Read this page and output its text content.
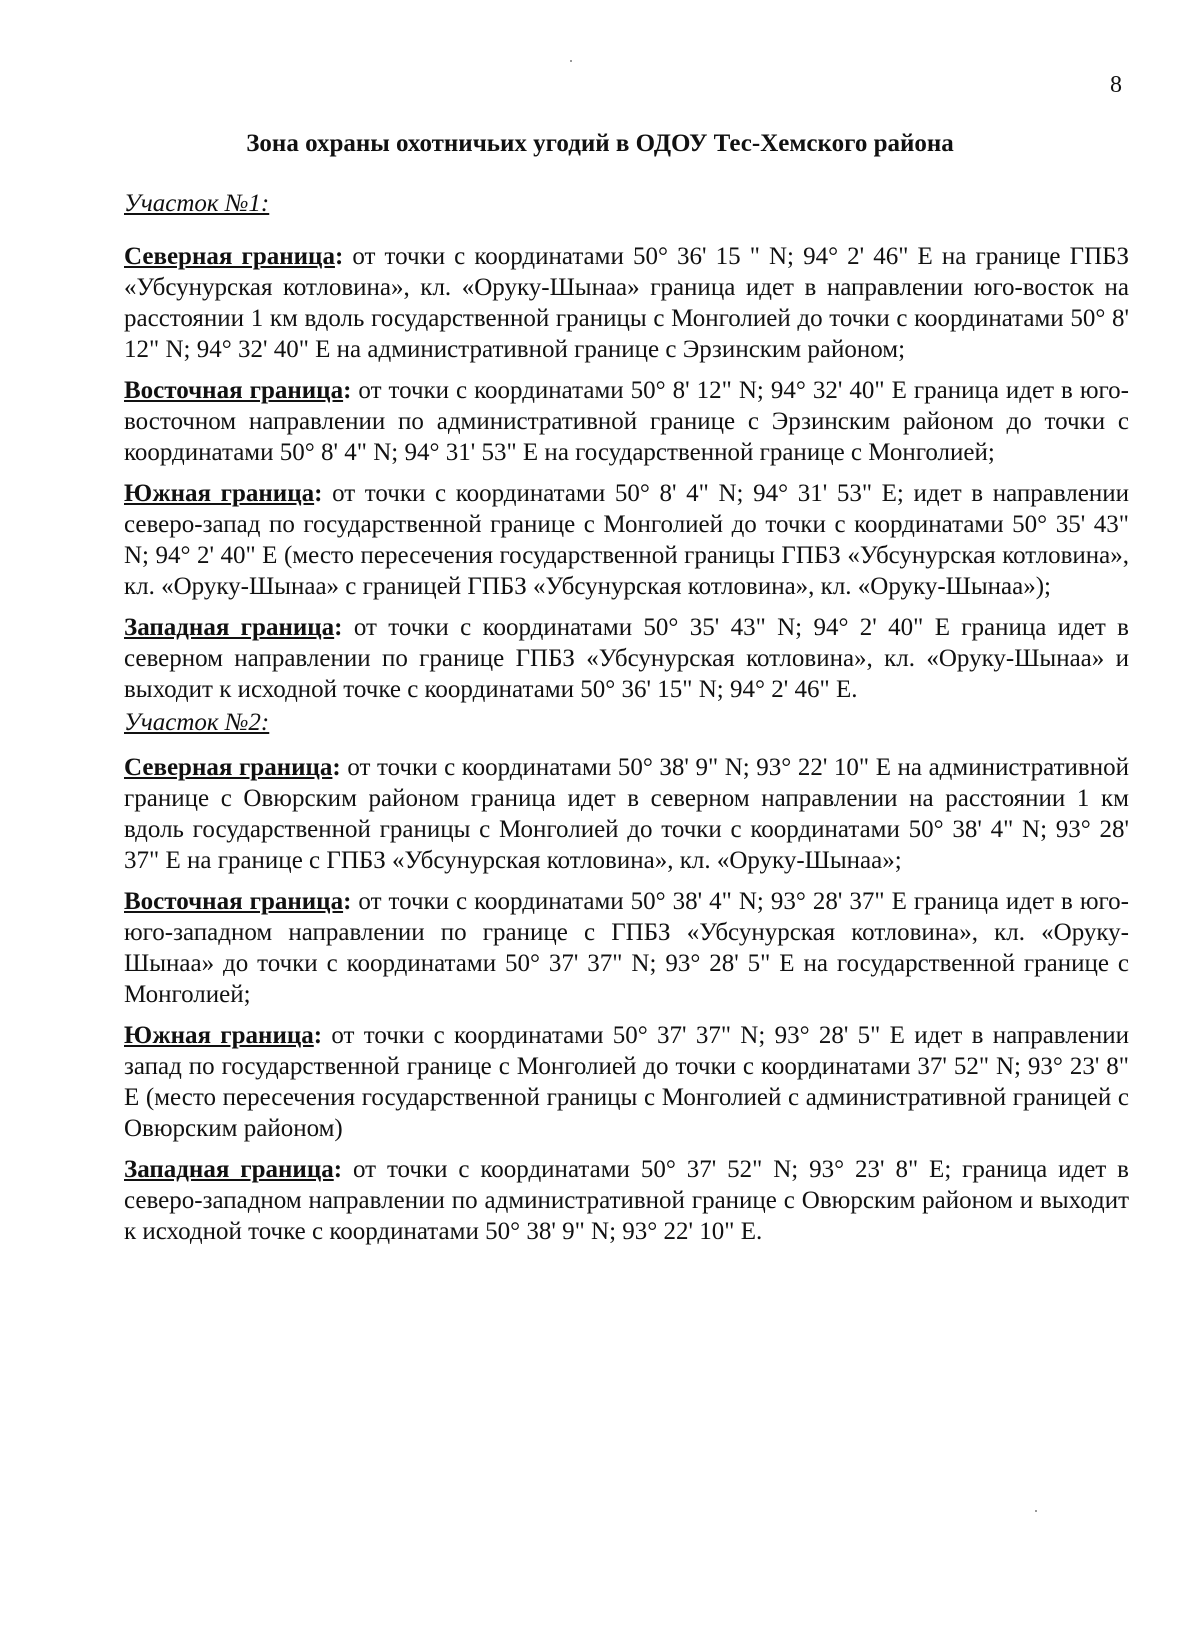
8
Зона охраны охотничьих угодий в ОДОУ Тес-Хемского района

Участок №1:

Северная граница: от точки с координатами 50° 36' 15 " N; 94° 2' 46" Е на границе ГПБЗ «Убсунурская котловина», кл. «Оруку-Шынаа» граница идет в направлении юго-восток на расстоянии 1 км вдоль государственной границы с Монголией до точки с координатами 50° 8' 12" N; 94° 32' 40" Е на административной границе с Эрзинским районом;

Восточная граница: от точки с координатами 50° 8' 12" N; 94° 32' 40" Е граница идет в юго-восточном направлении по административной границе с Эрзинским районом до точки с координатами 50° 8' 4" N; 94° 31' 53" Е на государственной границе с Монголией;

Южная граница: от точки с координатами 50° 8' 4" N; 94° 31' 53" Е; идет в направлении северо-запад по государственной границе с Монголией до точки с координатами 50° 35' 43" N; 94° 2' 40" Е (место пересечения государственной границы ГПБЗ «Убсунурская котловина», кл. «Оруку-Шынаа» с границей ГПБЗ «Убсунурская котловина», кл. «Оруку-Шынаа»);

Западная граница: от точки с координатами 50° 35' 43" N; 94° 2' 40" Е граница идет в северном направлении по границе ГПБЗ «Убсунурская котловина», кл. «Оруку-Шынаа» и выходит к исходной точке с координатами 50° 36' 15" N; 94° 2' 46" Е.

Участок №2:

Северная граница: от точки с координатами 50° 38' 9" N; 93° 22' 10" Е на административной границе с Овюрским районом граница идет в северном направлении на расстоянии 1 км вдоль государственной границы с Монголией до точки с координатами 50° 38' 4" N; 93° 28' 37" Е на границе с ГПБЗ «Убсунурская котловина», кл. «Оруку-Шынаа»;

Восточная граница: от точки с координатами 50° 38' 4" N; 93° 28' 37" Е граница идет в юго-юго-западном направлении по границе с ГПБЗ «Убсунурская котловина», кл. «Оруку-Шынаа» до точки с координатами 50° 37' 37" N; 93° 28' 5" Е на государственной границе с Монголией;

Южная граница: от точки с координатами 50° 37' 37" N; 93° 28' 5" Е идет в направлении запад по государственной границе с Монголией до точки с координатами 37' 52" N; 93° 23' 8" Е (место пересечения государственной границы с Монголией с административной границей с Овюрским районом)

Западная граница: от точки с координатами 50° 37' 52" N; 93° 23' 8" Е; граница идет в северо-западном направлении по административной границе с Овюрским районом и выходит к исходной точке с координатами 50° 38' 9" N; 93° 22' 10" Е.
